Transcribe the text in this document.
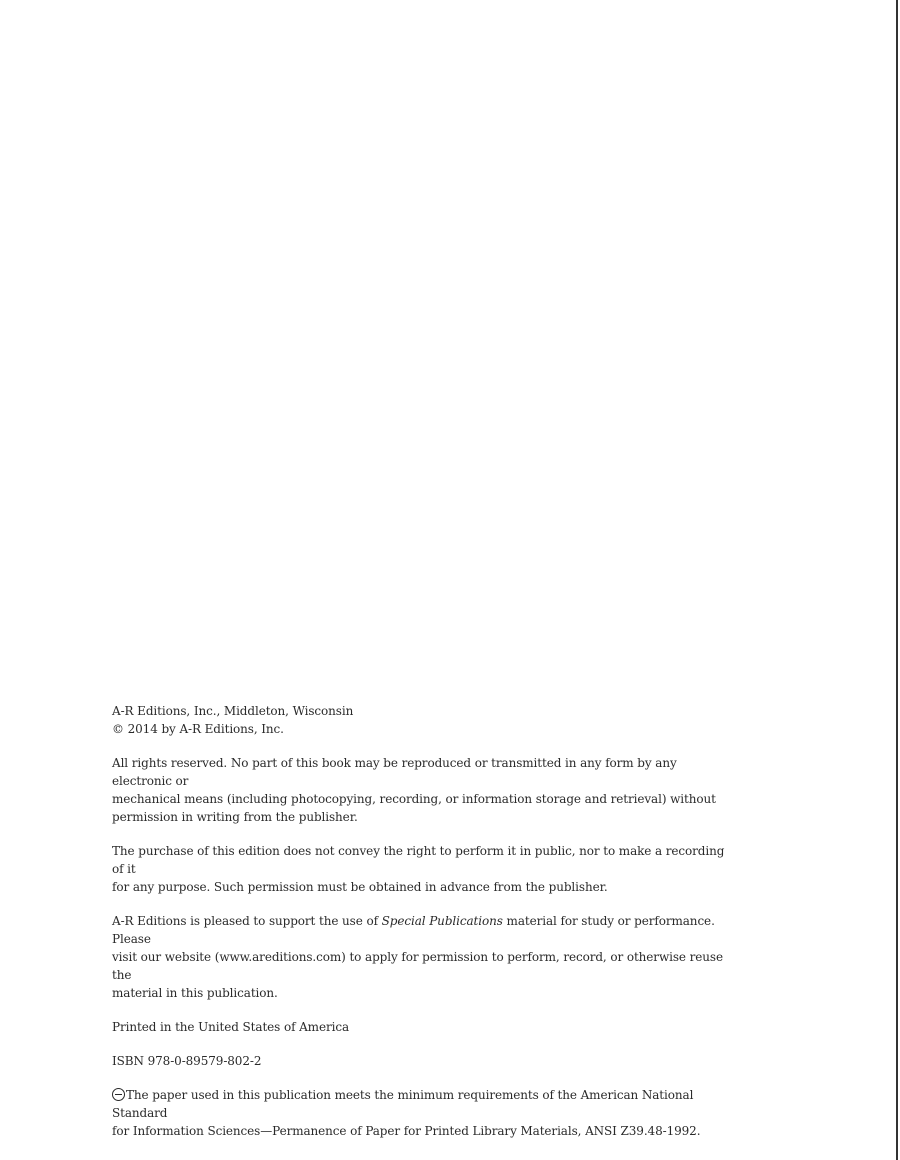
A-R Editions, Inc., Middleton, Wisconsin
© 2014 by A-R Editions, Inc.

All rights reserved. No part of this book may be reproduced or transmitted in any form by any electronic or
mechanical means (including photocopying, recording, or information storage and retrieval) without
permission in writing from the publisher.

The purchase of this edition does not convey the right to perform it in public, nor to make a recording of it
for any purpose. Such permission must be obtained in advance from the publisher.

A-R Editions is pleased to support the use of Special Publications material for study or performance. Please
visit our website (www.areditions.com) to apply for permission to perform, record, or otherwise reuse the
material in this publication.

Printed in the United States of America

ISBN 978-0-89579-802-2

The paper used in this publication meets the minimum requirements of the American National Standard
for Information Sciences—Permanence of Paper for Printed Library Materials, ANSI Z39.48-1992.
